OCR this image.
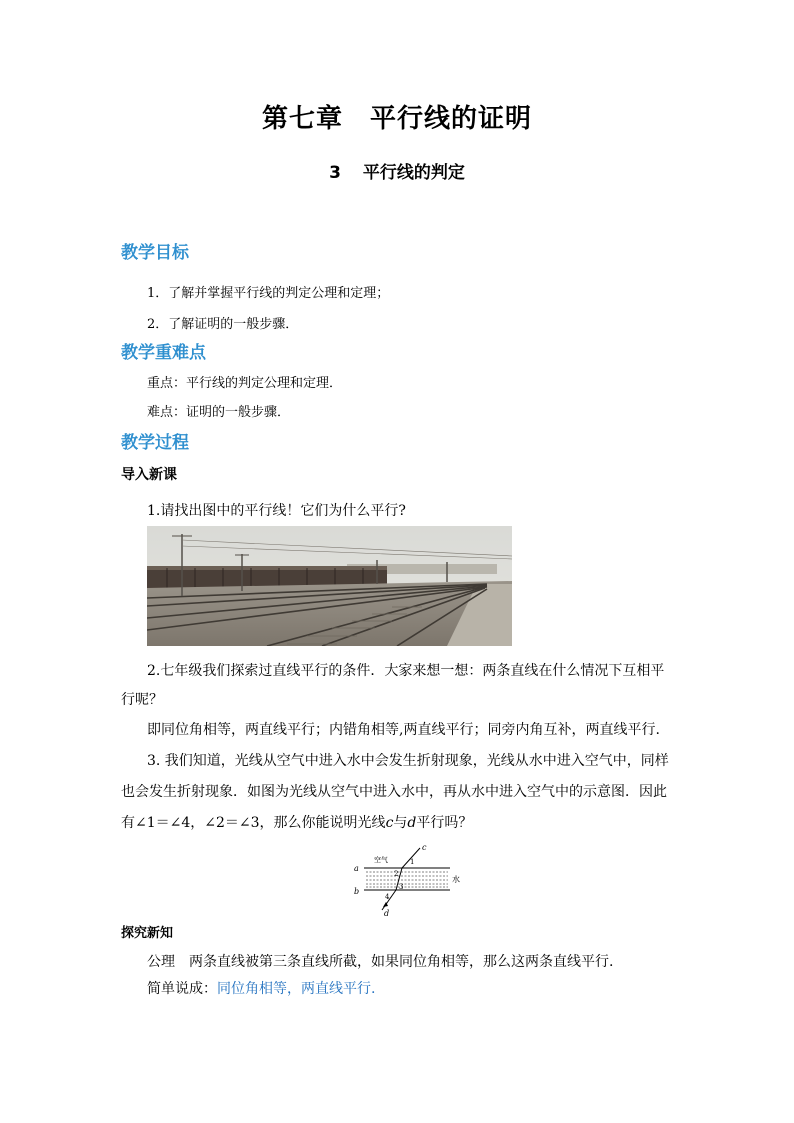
第七章　平行线的证明
3 平行线的判定
教学目标
1．了解并掌握平行线的判定公理和定理；
2．了解证明的一般步骤．
教学重难点
重点：平行线的判定公理和定理．
难点：证明的一般步骤．
教学过程
导入新课
1.请找出图中的平行线！它们为什么平行?
2.七年级我们探索过直线平行的条件．大家来想一想：两条直线在什么情况下互相平
行呢？
即同位角相等，两直线平行；内错角相等,两直线平行；同旁内角互补，两直线平行.
3. 我们知道，光线从空气中进入水中会发生折射现象，光线从水中进入空气中，同样
也会发生折射现象．如图为光线从空气中进入水中，再从水中进入空气中的示意图．因此
有∠1＝∠4，∠2＝∠3，那么你能说明光线c与d平行吗？
a
b
c
d
空气
水
1
2
3
4
探究新知
公理 两条直线被第三条直线所截，如果同位角相等，那么这两条直线平行.
简单说成：同位角相等，两直线平行.
